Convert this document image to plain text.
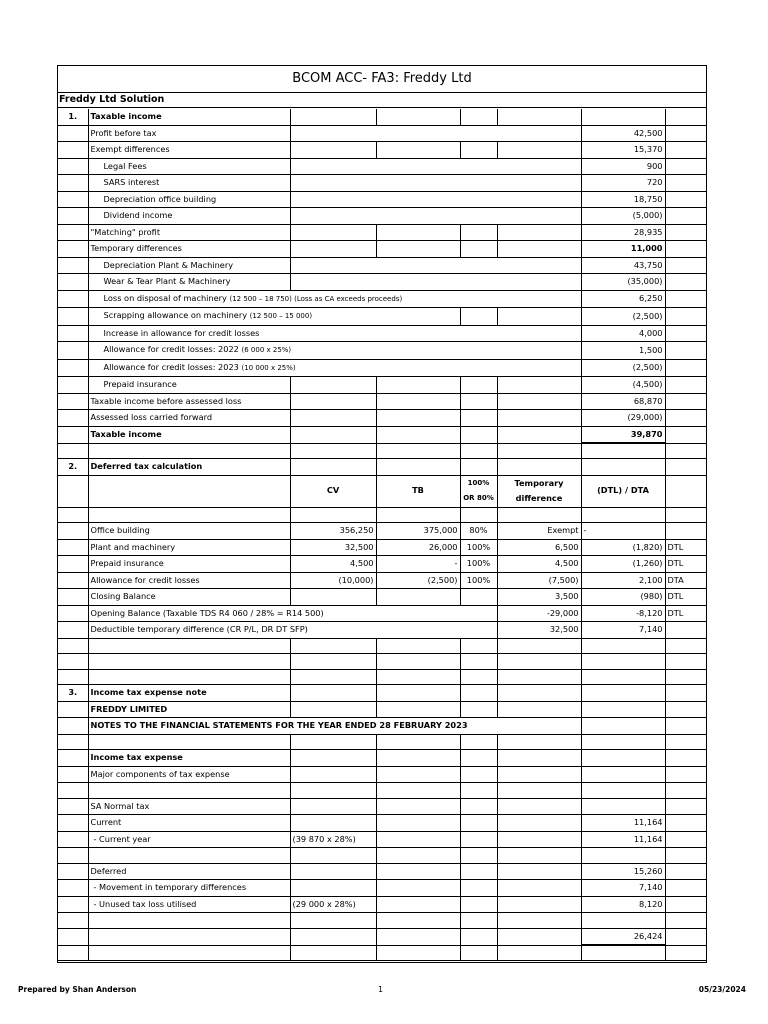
BCOM ACC- FA3: Freddy Ltd
Freddy Ltd Solution
1.	Taxable income						
	Profit before tax					42,500	
	Exempt differences					15,370	
	Legal Fees					900	
	SARS interest					720	
	Depreciation office building					18,750	
	Dividend income					(5,000)	
	"Matching" profit					28,935	
	Temporary differences					11,000	
	Depreciation Plant & Machinery					43,750	
	Wear & Tear Plant & Machinery					(35,000)	
	Loss on disposal of machinery (12 500 – 18 750) (Loss as CA exceeds proceeds)					6,250	
	Scrapping allowance on machinery (12 500 – 15 000)					(2,500)	
	Increase in allowance for credit losses					4,000	
	Allowance for credit losses: 2022 (6 000 x 25%)					1,500	
	Allowance for credit losses: 2023 (10 000 x 25%)					(2,500)	
	Prepaid insurance					(4,500)	
	Taxable income before assessed loss					68,870	
	Assessed loss carried forward					(29,000)	
	Taxable income					39,870	

2.	Deferred tax calculation						
		CV	TB	100% OR 80%	Temporary difference	(DTL) / DTA	

	Office building	356,250	375,000	80%	Exempt	-	
	Plant and machinery	32,500	26,000	100%	6,500	(1,820)	DTL
	Prepaid insurance	4,500	-	100%	4,500	(1,260)	DTL
	Allowance for credit losses	(10,000)	(2,500)	100%	(7,500)	2,100	DTA
	Closing Balance				3,500	(980)	DTL
	Opening Balance (Taxable TDS R4 060 / 28% = R14 500)				-29,000	-8,120	DTL
	Deductible temporary difference (CR P/L, DR DT SFP)				32,500	7,140	

3.	Income tax expense note						
	FREDDY LIMITED						
	NOTES TO THE FINANCIAL STATEMENTS FOR THE YEAR ENDED 28 FEBRUARY 2023						

	Income tax expense						
	Major components of tax expense						

	SA Normal tax						
	Current					11,164	
	- Current year	(39 870 x 28%)				11,164	

	Deferred					15,260	
	- Movement in temporary differences					7,140	
	- Unused tax loss utilised	(29 000 x 28%)				8,120	

						26,424	

Prepared by Shan Anderson	1	05/23/2024
